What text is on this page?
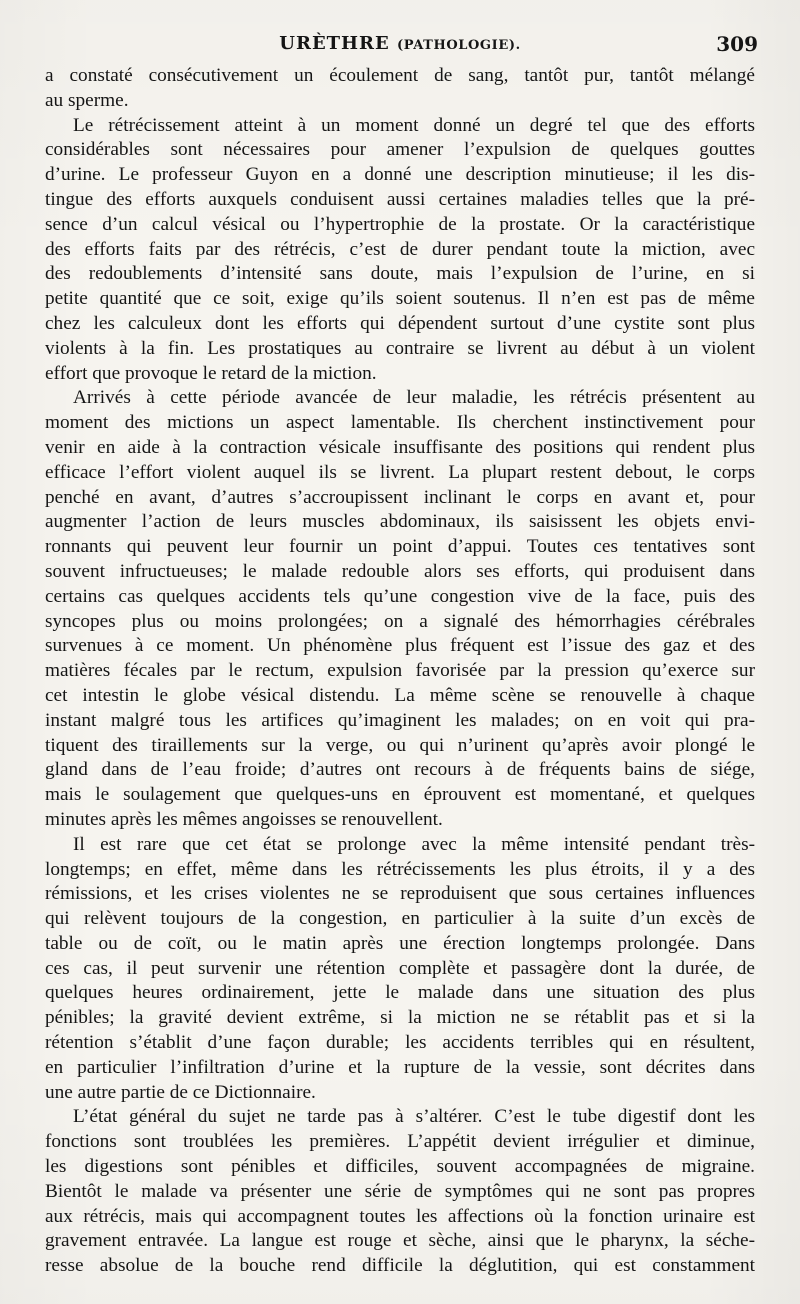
URÈTHRE (PATHOLOGIE).	309
a constaté consécutivement un écoulement de sang, tantôt pur, tantôt mélangé
au sperme.
Le rétrécissement atteint à un moment donné un degré tel que des efforts
considérables sont nécessaires pour amener l’expulsion de quelques gouttes
d’urine. Le professeur Guyon en a donné une description minutieuse; il les dis-
tingue des efforts auxquels conduisent aussi certaines maladies telles que la pré-
sence d’un calcul vésical ou l’hypertrophie de la prostate. Or la caractéristique
des efforts faits par des rétrécis, c’est de durer pendant toute la miction, avec
des redoublements d’intensité sans doute, mais l’expulsion de l’urine, en si
petite quantité que ce soit, exige qu’ils soient soutenus. Il n’en est pas de même
chez les calculeux dont les efforts qui dépendent surtout d’une cystite sont plus
violents à la fin. Les prostatiques au contraire se livrent au début à un violent
effort que provoque le retard de la miction.
Arrivés à cette période avancée de leur maladie, les rétrécis présentent au
moment des mictions un aspect lamentable. Ils cherchent instinctivement pour
venir en aide à la contraction vésicale insuffisante des positions qui rendent plus
efficace l’effort violent auquel ils se livrent. La plupart restent debout, le corps
penché en avant, d’autres s’accroupissent inclinant le corps en avant et, pour
augmenter l’action de leurs muscles abdominaux, ils saisissent les objets envi-
ronnants qui peuvent leur fournir un point d’appui. Toutes ces tentatives sont
souvent infructueuses; le malade redouble alors ses efforts, qui produisent dans
certains cas quelques accidents tels qu’une congestion vive de la face, puis des
syncopes plus ou moins prolongées; on a signalé des hémorrhagies cérébrales
survenues à ce moment. Un phénomène plus fréquent est l’issue des gaz et des
matières fécales par le rectum, expulsion favorisée par la pression qu’exerce sur
cet intestin le globe vésical distendu. La même scène se renouvelle à chaque
instant malgré tous les artifices qu’imaginent les malades; on en voit qui pra-
tiquent des tiraillements sur la verge, ou qui n’urinent qu’après avoir plongé le
gland dans de l’eau froide; d’autres ont recours à de fréquents bains de siége,
mais le soulagement que quelques-uns en éprouvent est momentané, et quelques
minutes après les mêmes angoisses se renouvellent.
Il est rare que cet état se prolonge avec la même intensité pendant très-
longtemps; en effet, même dans les rétrécissements les plus étroits, il y a des
rémissions, et les crises violentes ne se reproduisent que sous certaines influences
qui relèvent toujours de la congestion, en particulier à la suite d’un excès de
table ou de coït, ou le matin après une érection longtemps prolongée. Dans
ces cas, il peut survenir une rétention complète et passagère dont la durée, de
quelques heures ordinairement, jette le malade dans une situation des plus
pénibles; la gravité devient extrême, si la miction ne se rétablit pas et si la
rétention s’établit d’une façon durable; les accidents terribles qui en résultent,
en particulier l’infiltration d’urine et la rupture de la vessie, sont décrites dans
une autre partie de ce Dictionnaire.
L’état général du sujet ne tarde pas à s’altérer. C’est le tube digestif dont les
fonctions sont troublées les premières. L’appétit devient irrégulier et diminue,
les digestions sont pénibles et difficiles, souvent accompagnées de migraine.
Bientôt le malade va présenter une série de symptômes qui ne sont pas propres
aux rétrécis, mais qui accompagnent toutes les affections où la fonction urinaire est
gravement entravée. La langue est rouge et sèche, ainsi que le pharynx, la séche-
resse absolue de la bouche rend difficile la déglutition, qui est constamment
